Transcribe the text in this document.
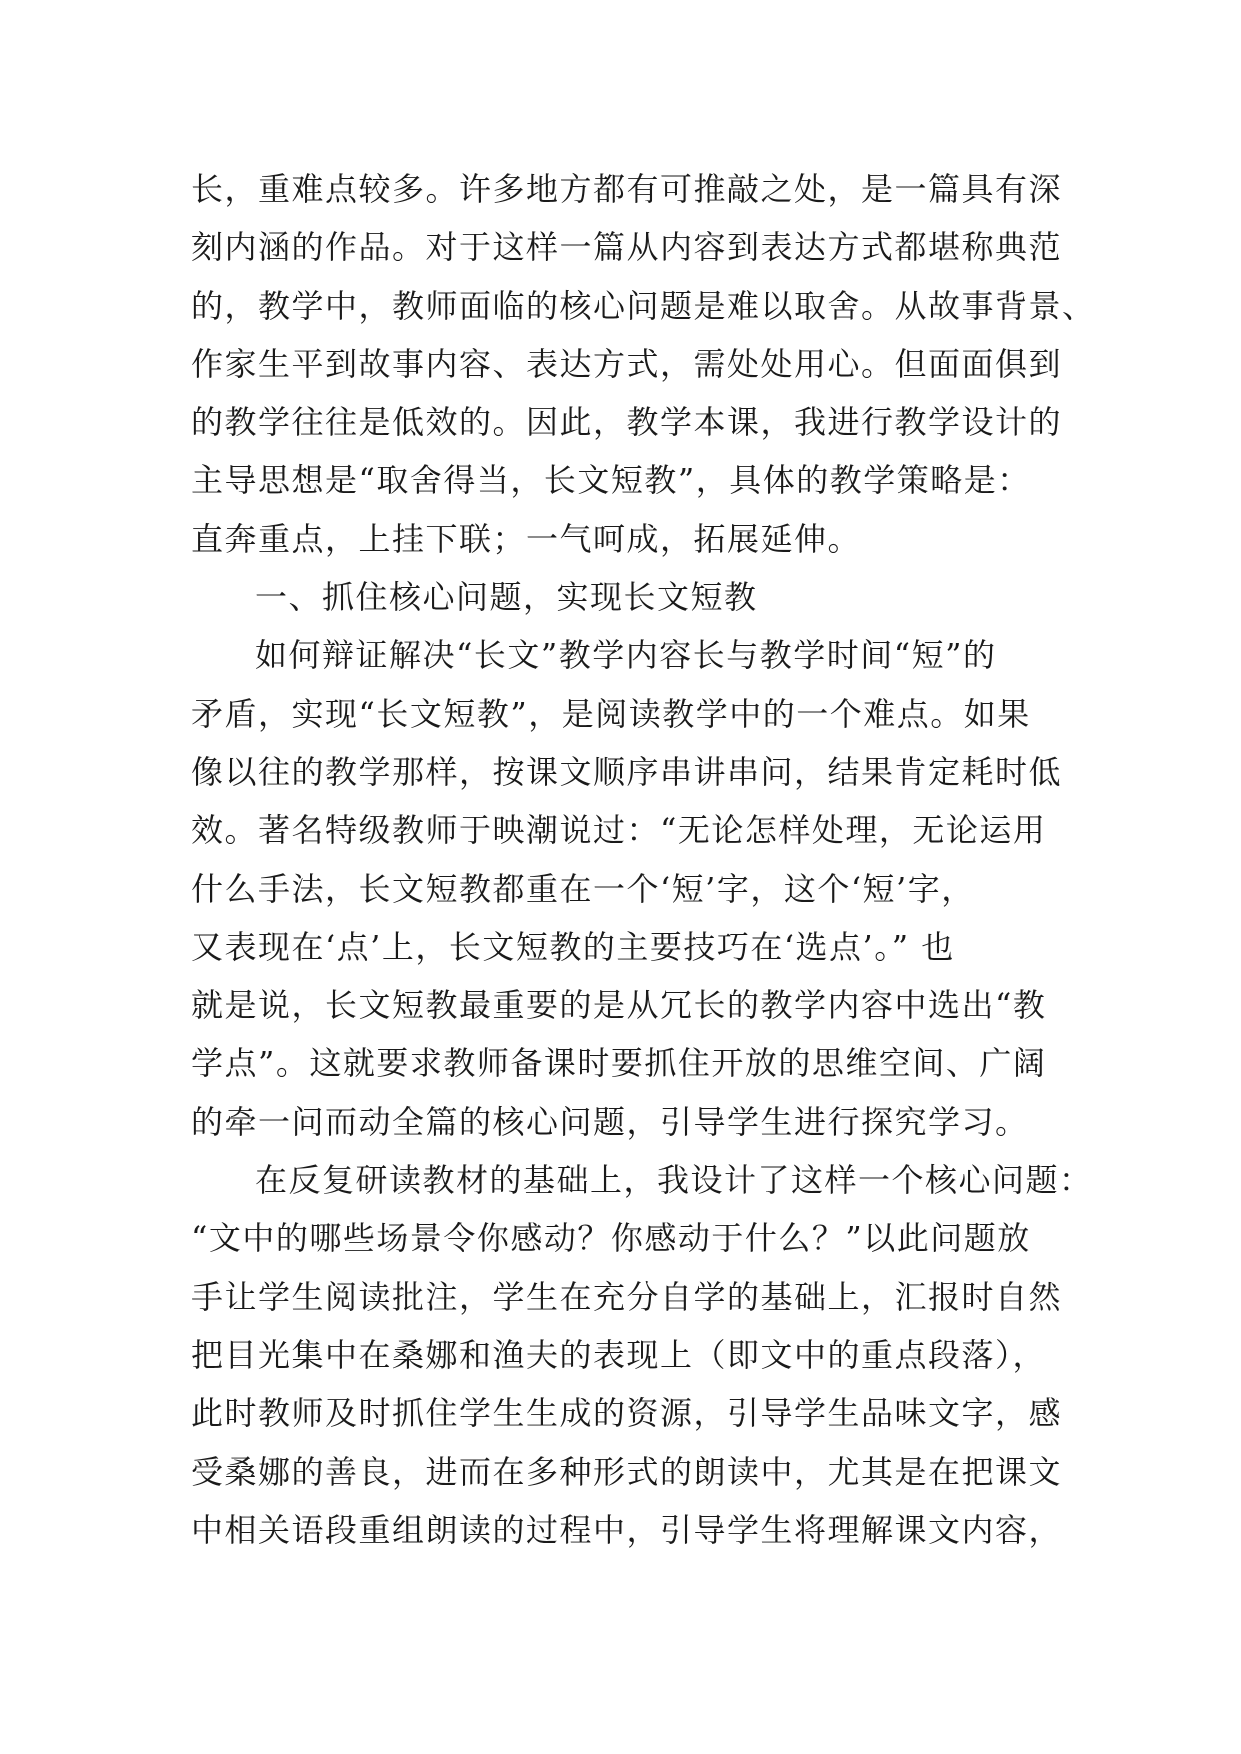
长，重难点较多。许多地方都有可推敲之处，是一篇具有深
刻内涵的作品。对于这样一篇从内容到表达方式都堪称典范
的，教学中，教师面临的核心问题是难以取舍。从故事背景、
作家生平到故事内容、表达方式，需处处用心。但面面俱到
的教学往往是低效的。因此，教学本课，我进行教学设计的
主导思想是“取舍得当，长文短教”，具体的教学策略是：
直奔重点，上挂下联；一气呵成，拓展延伸。
一、抓住核心问题，实现长文短教
如何辩证解决“长文”教学内容长与教学时间“短”的
矛盾，实现“长文短教”，是阅读教学中的一个难点。如果
像以往的教学那样，按课文顺序串讲串问，结果肯定耗时低
效。著名特级教师于映潮说过：“无论怎样处理，无论运用
什么手法，长文短教都重在一个‘短’字，这个‘短’字，
又表现在‘点’上，长文短教的主要技巧在‘选点’。” 也
就是说，长文短教最重要的是从冗长的教学内容中选出“教
学点”。这就要求教师备课时要抓住开放的思维空间、广阔
的牵一问而动全篇的核心问题，引导学生进行探究学习。
在反复研读教材的基础上，我设计了这样一个核心问题：
“文中的哪些场景令你感动？你感动于什么？”以此问题放
手让学生阅读批注，学生在充分自学的基础上，汇报时自然
把目光集中在桑娜和渔夫的表现上（即文中的重点段落），
此时教师及时抓住学生生成的资源，引导学生品味文字，感
受桑娜的善良，进而在多种形式的朗读中，尤其是在把课文
中相关语段重组朗读的过程中，引导学生将理解课文内容，
